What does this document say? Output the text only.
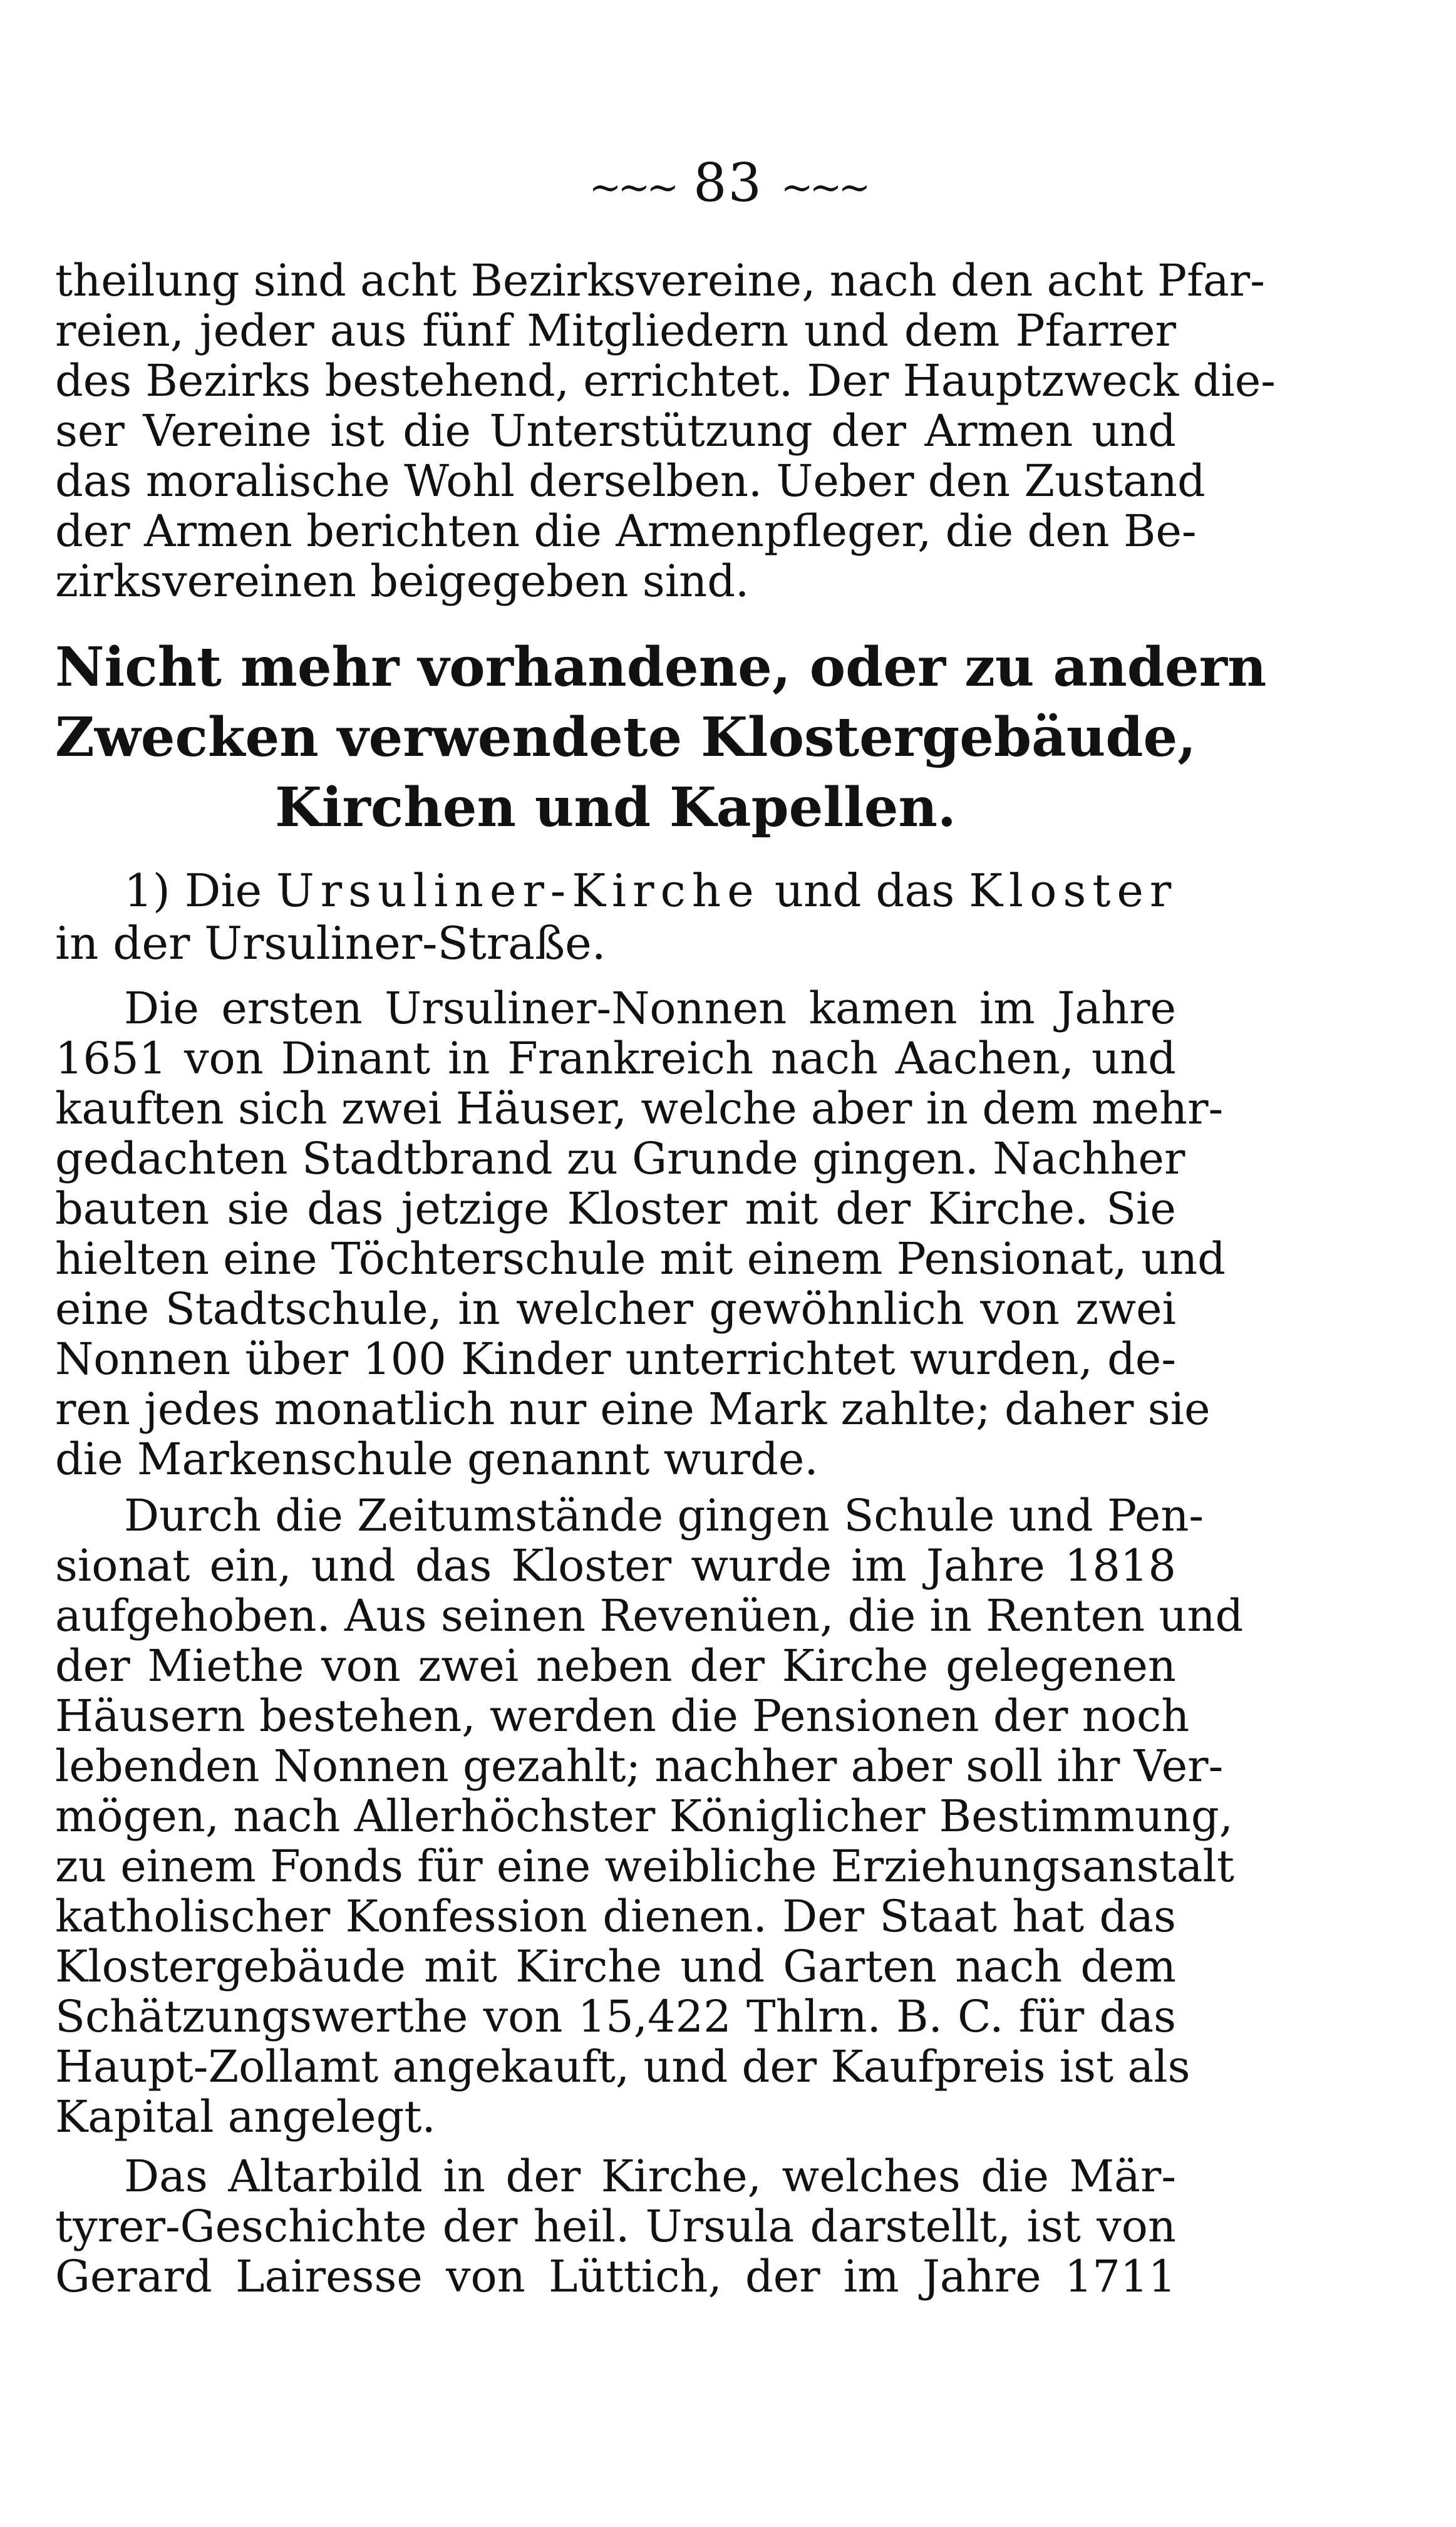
~~~ 83 ~~~
theilung sind acht Bezirksvereine, nach den acht Pfar-
reien, jeder aus fünf Mitgliedern und dem Pfarrer
des Bezirks bestehend, errichtet. Der Hauptzweck die-
ser Vereine ist die Unterstützung der Armen und
das moralische Wohl derselben. Ueber den Zustand
der Armen berichten die Armenpfleger, die den Be-
zirksvereinen beigegeben sind.
Nicht mehr vorhandene, oder zu andern
Zwecken verwendete Klostergebäude,
Kirchen und Kapellen.
1) Die Ursuliner-Kirche und das Kloster
in der Ursuliner-Straße.
Die ersten Ursuliner-Nonnen kamen im Jahre
1651 von Dinant in Frankreich nach Aachen, und
kauften sich zwei Häuser, welche aber in dem mehr-
gedachten Stadtbrand zu Grunde gingen. Nachher
bauten sie das jetzige Kloster mit der Kirche. Sie
hielten eine Töchterschule mit einem Pensionat, und
eine Stadtschule, in welcher gewöhnlich von zwei
Nonnen über 100 Kinder unterrichtet wurden, de-
ren jedes monatlich nur eine Mark zahlte; daher sie
die Markenschule genannt wurde.
Durch die Zeitumstände gingen Schule und Pen-
sionat ein, und das Kloster wurde im Jahre 1818
aufgehoben. Aus seinen Revenüen, die in Renten und
der Miethe von zwei neben der Kirche gelegenen
Häusern bestehen, werden die Pensionen der noch
lebenden Nonnen gezahlt; nachher aber soll ihr Ver-
mögen, nach Allerhöchster Königlicher Bestimmung,
zu einem Fonds für eine weibliche Erziehungsanstalt
katholischer Konfession dienen. Der Staat hat das
Klostergebäude mit Kirche und Garten nach dem
Schätzungswerthe von 15,422 Thlrn. B. C. für das
Haupt-Zollamt angekauft, und der Kaufpreis ist als
Kapital angelegt.
Das Altarbild in der Kirche, welches die Mär-
tyrer-Geschichte der heil. Ursula darstellt, ist von
Gerard Lairesse von Lüttich, der im Jahre 1711
